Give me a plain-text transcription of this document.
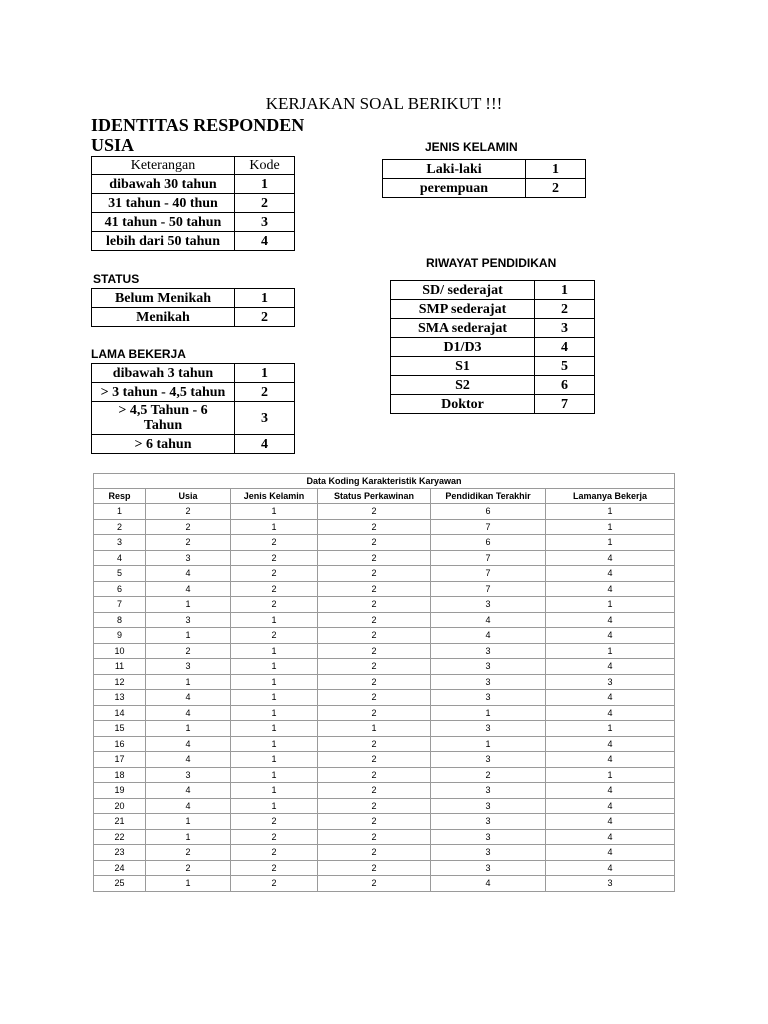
KERJAKAN SOAL BERIKUT !!!
IDENTITAS RESPONDEN
USIA
Keterangan	Kode
dibawah 30 tahun	1
31 tahun - 40 thun	2
41 tahun - 50 tahun	3
lebih dari 50 tahun	4
JENIS KELAMIN
Laki-laki	1
perempuan	2
STATUS
Belum Menikah	1
Menikah	2
RIWAYAT PENDIDIKAN
SD/ sederajat	1
SMP sederajat	2
SMA sederajat	3
D1/D3	4
S1	5
S2	6
Doktor	7
LAMA BEKERJA
dibawah 3 tahun	1
> 3 tahun - 4,5 tahun	2
> 4,5 Tahun - 6 Tahun	3
> 6 tahun	4
Data Koding Karakteristik Karyawan					
Resp	Usia	Jenis Kelamin	Status Perkawinan	Pendidikan Terakhir	Lamanya Bekerja
1	2	1	2	6	1
2	2	1	2	7	1
3	2	2	2	6	1
4	3	2	2	7	4
5	4	2	2	7	4
6	4	2	2	7	4
7	1	2	2	3	1
8	3	1	2	4	4
9	1	2	2	4	4
10	2	1	2	3	1
11	3	1	2	3	4
12	1	1	2	3	3
13	4	1	2	3	4
14	4	1	2	1	4
15	1	1	1	3	1
16	4	1	2	1	4
17	4	1	2	3	4
18	3	1	2	2	1
19	4	1	2	3	4
20	4	1	2	3	4
21	1	2	2	3	4
22	1	2	2	3	4
23	2	2	2	3	4
24	2	2	2	3	4
25	1	2	2	4	3
